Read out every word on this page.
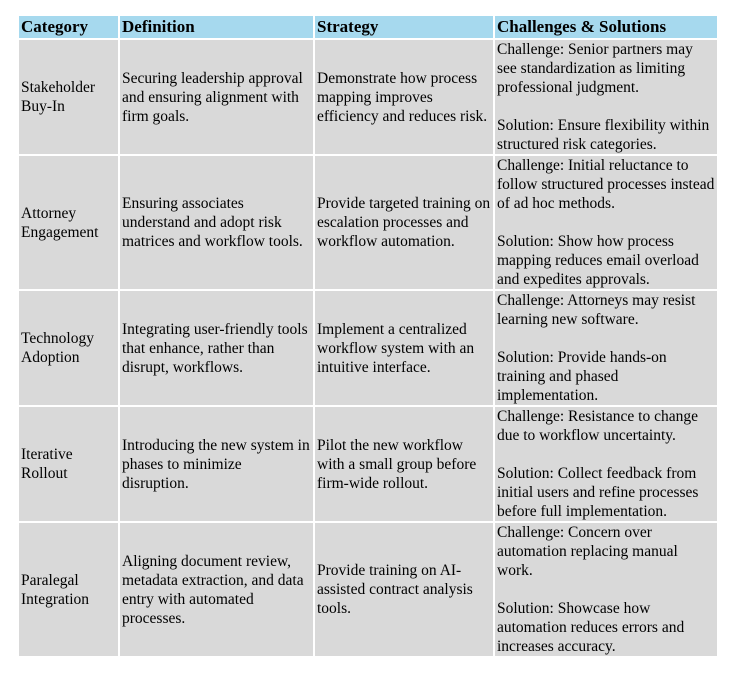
Category	Definition	Strategy	Challenges & Solutions
Stakeholder Buy-In	Securing leadership approval and ensuring alignment with firm goals.	Demonstrate how process mapping improves efficiency and reduces risk.	Challenge: Senior partners may see standardization as limiting professional judgment.
Solution: Ensure flexibility within structured risk categories.

Attorney Engagement	Ensuring associates understand and adopt risk matrices and workflow tools.	Provide targeted training on escalation processes and workflow automation.	Challenge: Initial reluctance to follow structured processes instead of ad hoc methods.
Solution: Show how process mapping reduces email overload and expedites approvals.

Technology Adoption	Integrating user-friendly tools that enhance, rather than disrupt, workflows.	Implement a centralized workflow system with an intuitive interface.	Challenge: Attorneys may resist learning new software.
Solution: Provide hands-on training and phased implementation.

Iterative Rollout	Introducing the new system in phases to minimize disruption.	Pilot the new workflow with a small group before firm-wide rollout.	Challenge: Resistance to change due to workflow uncertainty.
Solution: Collect feedback from initial users and refine processes before full implementation.

Paralegal Integration	Aligning document review, metadata extraction, and data entry with automated processes.	Provide training on AI-assisted contract analysis tools.	Challenge: Concern over automation replacing manual work.
Solution: Showcase how automation reduces errors and increases accuracy.
